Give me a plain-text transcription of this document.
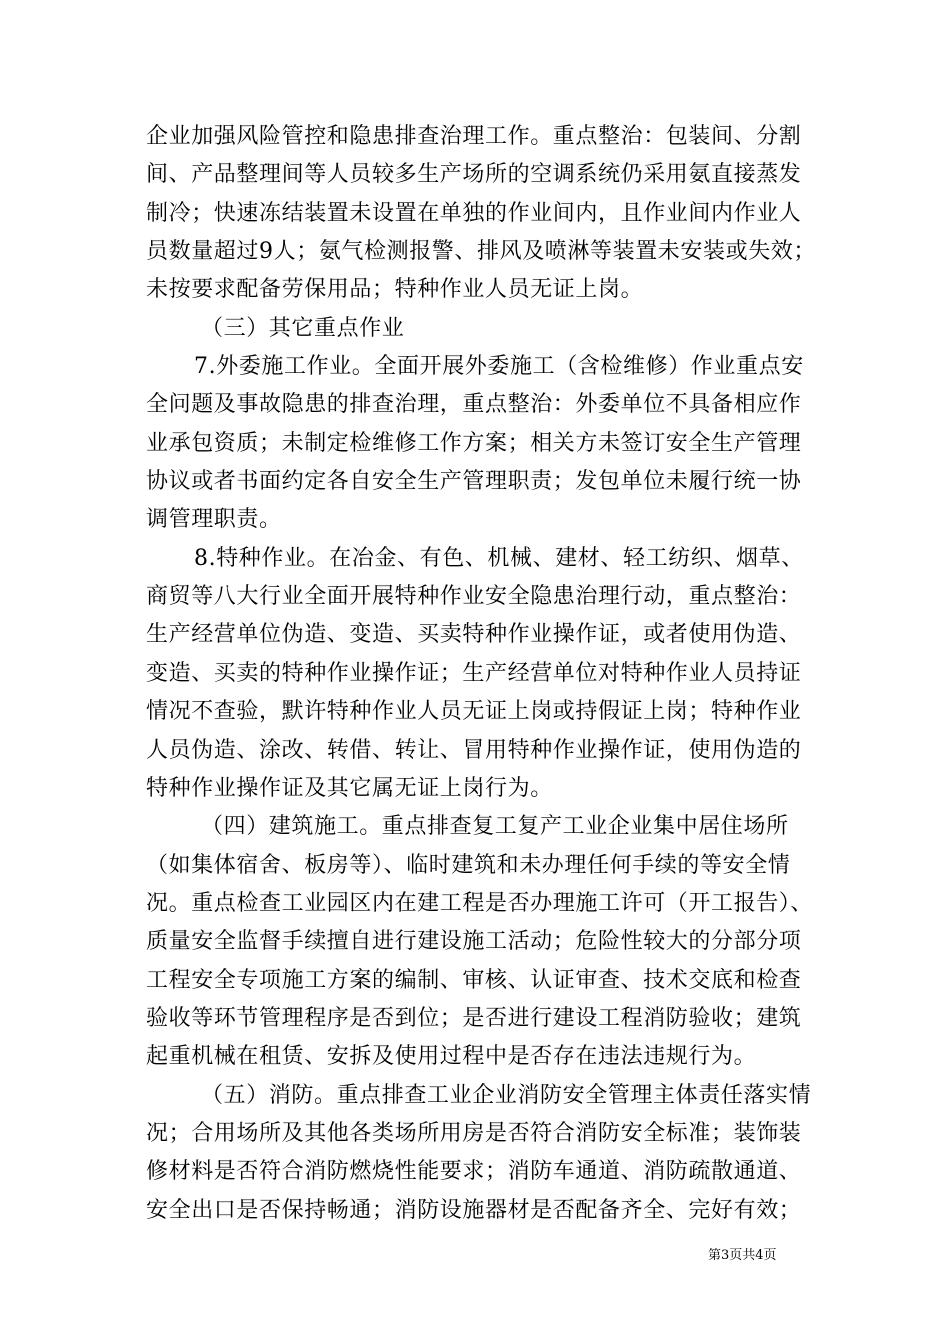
企业加强风险管控和隐患排查治理工作。重点整治：包装间、分割
间、产品整理间等人员较多生产场所的空调系统仍采用氨直接蒸发
制冷；快速冻结装置未设置在单独的作业间内，且作业间内作业人
员数量超过9人；氨气检测报警、排风及喷淋等装置未安装或失效；
未按要求配备劳保用品；特种作业人员无证上岗。
（三）其它重点作业
7.外委施工作业。全面开展外委施工（含检维修）作业重点安
全问题及事故隐患的排查治理，重点整治：外委单位不具备相应作
业承包资质；未制定检维修工作方案；相关方未签订安全生产管理
协议或者书面约定各自安全生产管理职责；发包单位未履行统一协
调管理职责。
8.特种作业。在冶金、有色、机械、建材、轻工纺织、烟草、
商贸等八大行业全面开展特种作业安全隐患治理行动，重点整治：
生产经营单位伪造、变造、买卖特种作业操作证，或者使用伪造、
变造、买卖的特种作业操作证；生产经营单位对特种作业人员持证
情况不查验，默许特种作业人员无证上岗或持假证上岗；特种作业
人员伪造、涂改、转借、转让、冒用特种作业操作证，使用伪造的
特种作业操作证及其它属无证上岗行为。
（四）建筑施工。重点排查复工复产工业企业集中居住场所
（如集体宿舍、板房等）、临时建筑和未办理任何手续的等安全情
况。重点检查工业园区内在建工程是否办理施工许可（开工报告）、
质量安全监督手续擅自进行建设施工活动；危险性较大的分部分项
工程安全专项施工方案的编制、审核、认证审查、技术交底和检查
验收等环节管理程序是否到位；是否进行建设工程消防验收；建筑
起重机械在租赁、安拆及使用过程中是否存在违法违规行为。
（五）消防。重点排查工业企业消防安全管理主体责任落实情
况；合用场所及其他各类场所用房是否符合消防安全标准；装饰装
修材料是否符合消防燃烧性能要求；消防车通道、消防疏散通道、
安全出口是否保持畅通；消防设施器材是否配备齐全、完好有效；
第3页共4页
